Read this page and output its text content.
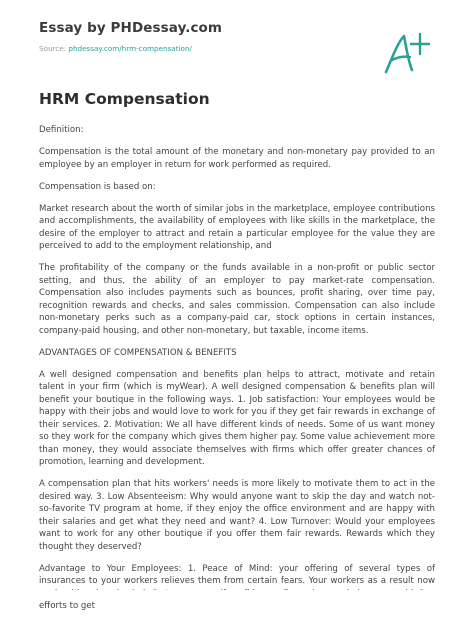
Essay by PHDessay.com
Source: phdessay.com/hrm-compensation/
HRM Compensation

Definition:

Compensation is the total amount of the monetary and non-monetary pay provided to an employee by an employer in return for work performed as required.

Compensation is based on:

Market research about the worth of similar jobs in the marketplace, employee contributions and accomplishments, the availability of employees with like skills in the marketplace, the desire of the employer to attract and retain a particular employee for the value they are perceived to add to the employment relationship, and

The profitability of the company or the funds available in a non-profit or public sector setting, and thus, the ability of an employer to pay market-rate compensation. Compensation also includes payments such as bounces, profit sharing, over time pay, recognition rewards and checks, and sales commission. Compensation can also include non-monetary perks such as a company-paid car, stock options in certain instances, company-paid housing, and other non-monetary, but taxable, income items.

ADVANTAGES OF COMPENSATION & BENEFITS

A well designed compensation and benefits plan helps to attract, motivate and retain talent in your firm (which is myWear). A well designed compensation & benefits plan will benefit your boutique in the following ways. 1. Job satisfaction: Your employees would be happy with their jobs and would love to work for you if they get fair rewards in exchange of their services. 2. Motivation: We all have different kinds of needs. Some of us want money so they work for the company which gives them higher pay. Some value achievement more than money, they would associate themselves with firms which offer greater chances of promotion, learning and development.

A compensation plan that hits workers' needs is more likely to motivate them to act in the desired way. 3. Low Absenteeism: Why would anyone want to skip the day and watch not-so-favorite TV program at home, if they enjoy the office environment and are happy with their salaries and get what they need and want? 4. Low Turnover: Would your employees want to work for any other boutique if you offer them fair rewards. Rewards which they thought they deserved?

Advantage to Your Employees: 1. Peace of Mind: your offering of several types of insurances to your workers relieves them from certain fears. Your workers as a result now efforts to get
